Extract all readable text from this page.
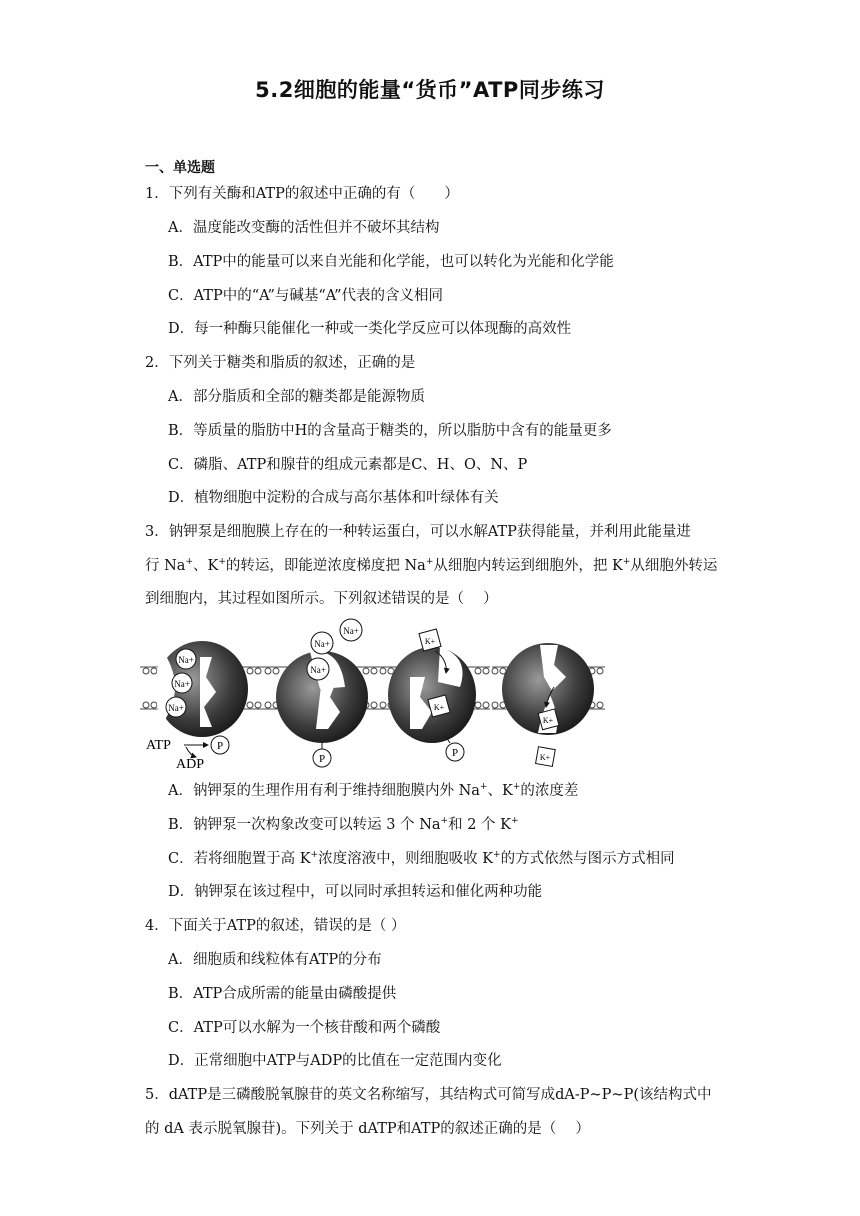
5.2细胞的能量“货币”ATP同步练习
一、单选题
1．下列有关酶和ATP的叙述中正确的有（　　）
A．温度能改变酶的活性但并不破坏其结构
B．ATP中的能量可以来自光能和化学能，也可以转化为光能和化学能
C．ATP中的“A”与碱基“A”代表的含义相同
D．每一种酶只能催化一种或一类化学反应可以体现酶的高效性
2．下列关于糖类和脂质的叙述，正确的是
A．部分脂质和全部的糖类都是能源物质
B．等质量的脂肪中H的含量高于糖类的，所以脂肪中含有的能量更多
C．磷脂、ATP和腺苷的组成元素都是C、H、O、N、P
D．植物细胞中淀粉的合成与高尔基体和叶绿体有关
3．钠钾泵是细胞膜上存在的一种转运蛋白，可以水解ATP获得能量，并利用此能量进
行 Na+、K+的转运，即能逆浓度梯度把 Na+从细胞内转运到细胞外，把 K+从细胞外转运
到细胞内，其过程如图所示。下列叙述错误的是（　 ）
Na+
Na+
Na+
P
ATP
ADP
Na+
Na+
Na+
P
K+
K+
P
K+
K+
A．钠钾泵的生理作用有利于维持细胞膜内外 Na+、K+的浓度差
B．钠钾泵一次构象改变可以转运 3 个 Na+和 2 个 K+
C．若将细胞置于高 K+浓度溶液中，则细胞吸收 K+的方式依然与图示方式相同
D．钠钾泵在该过程中，可以同时承担转运和催化两种功能
4．下面关于ATP的叙述，错误的是（ ）
A．细胞质和线粒体有ATP的分布
B．ATP合成所需的能量由磷酸提供
C．ATP可以水解为一个核苷酸和两个磷酸
D．正常细胞中ATP与ADP的比值在一定范围内变化
5．dATP是三磷酸脱氧腺苷的英文名称缩写，其结构式可简写成dA-P~P~P(该结构式中
的 dA 表示脱氧腺苷)。下列关于 dATP和ATP的叙述正确的是（　 ）
